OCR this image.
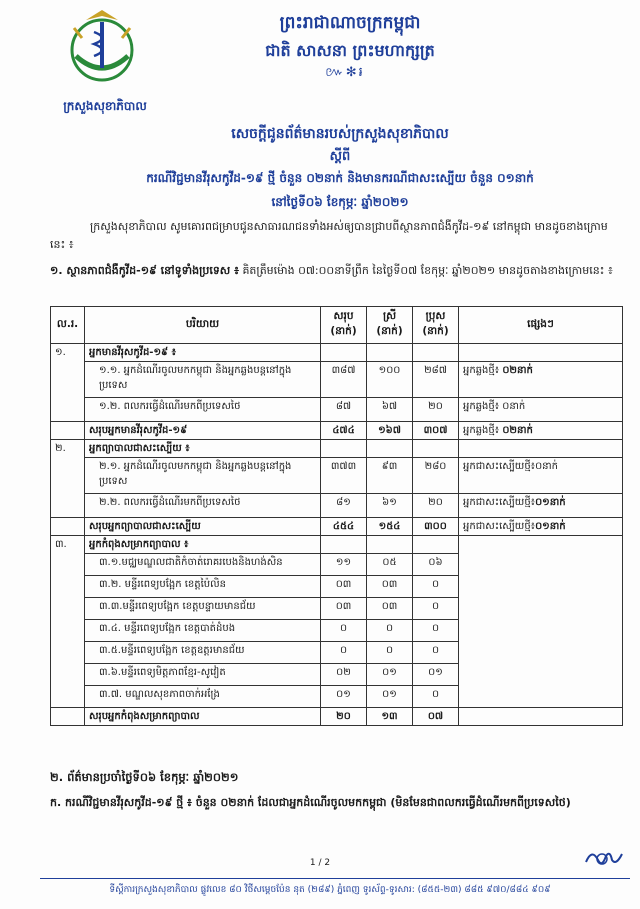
ក្រសួងសុខាភិបាល
ព្រះរាជាណាចក្រកម្ពុជា
ជាតិ សាសនា ព្រះមហាក្សត្រ
៚✻៛
សេចក្តីជូនព័ត៌មានរបស់ក្រសួងសុខាភិបាល
ស្តីពី
ករណីវិជ្ជមានវីរុសកូវីដ-១៩ ថ្មី ចំនួន ០២នាក់ និងមានករណីជាសះស្បើយ ចំនួន ០១នាក់
នៅថ្ងៃទី០៦ ខែកុម្ភៈ ឆ្នាំ២០២១
ក្រសួងសុខាភិបាល សូមគោរពជម្រាបជូនសាធារណជនទាំងអស់ឲ្យបានជ្រាបពីស្ថានភាពជំងឺកូវីដ-១៩ នៅកម្ពុជា មានដូចខាងក្រោមនេះ ៖
១. ស្ថានភាពជំងឺកូវីដ-១៩ នៅទូទាំងប្រទេស ៖ គិតត្រឹមម៉ោង ០៧:០០នាទីព្រឹក នៃថ្ងៃទី០៧ ខែកុម្ភៈ ឆ្នាំ២០២១ មានដូចតាងខាងក្រោមនេះ ៖
ល.រ.	បរិយាយ	សរុប (នាក់)	ស្រី (នាក់)	ប្រុស (នាក់)	ផ្សេងៗ
១.	អ្នកមានវីរុសកូវីដ-១៩ ៖				
	១.១. អ្នកដំណើរចូលមកកម្ពុជា និងអ្នកឆ្លងបន្តនៅក្នុងប្រទេស	៣៨៧	១០០	២៨៧	អ្នកឆ្លងថ្មី៖ ០២នាក់
	១.២. ពលករធ្វើដំណើរមកពីប្រទេសថៃ	៨៧	៦៧	២០	អ្នកឆ្លងថ្មី៖ ០នាក់
	សរុបអ្នកមានវីរុសកូវីដ-១៩	៤៧៤	១៦៧	៣០៧	អ្នកឆ្លងថ្មី៖ ០២នាក់
២.	អ្នកព្យាបាលជាសះស្បើយ ៖				
	២.១. អ្នកដំណើរចូលមកកម្ពុជា និងអ្នកឆ្លងបន្តនៅក្នុងប្រទេស	៣៧៣	៩៣	២៨០	អ្នកជាសះស្បើយថ្មី៖០នាក់
	២.២. ពលករធ្វើដំណើរមកពីប្រទេសថៃ	៨១	៦១	២០	អ្នកជាសះស្បើយថ្មី៖០១នាក់
	សរុបអ្នកព្យាបាលជាសះស្បើយ	៤៥៤	១៥៤	៣០០	អ្នកជាសះស្បើយថ្មី៖០១នាក់
៣.	អ្នកកំពុងសម្រាកព្យាបាល ៖				
	៣.១.មជ្ឈមណ្ឌលជាតិកំចាត់រោគរបេងនិងហង់សិន	១១	០៥	០៦	
	៣.២. មន្ទីរពេទ្យបង្អែក ខេត្តប៉ៃលិន	០៣	០៣	០	
	៣.៣.មន្ទីរពេទ្យបង្អែក ខេត្តបន្ទាយមានជ័យ	០៣	០៣	០	
	៣.៤. មន្ទីរពេទ្យបង្អែក ខេត្តបាត់ដំបង	០	០	០	
	៣.៥.មន្ទីរពេទ្យបង្អែក ខេត្តឧត្តរមានជ័យ	០	០	០	
	៣.៦.មន្ទីរពេទ្យមិត្តភាពខ្មែរ-សូវៀត	០២	០១	០១	
	៣.៧. មណ្ឌលសុខភាពចាក់អង្រែ	០១	០១	០	
	សរុបអ្នកកំពុងសម្រាកព្យាបាល	២០	១៣	០៧	
២. ព័ត៌មានប្រចាំថ្ងៃទី០៦ ខែកុម្ភៈ ឆ្នាំ២០២១
ក. ករណីវិជ្ជមានវីរុសកូវីដ-១៩ ថ្មី ៖ ចំនួន ០២នាក់ ដែលជាអ្នកដំណើរចូលមកកម្ពុជា (មិនមែនជាពលករធ្វើដំណើរមកពីប្រទេសថៃ)
1 / 2
ទីស្តីការក្រសួងសុខាភិបាល ផ្លូវលេខ ៨០ វិថីសម្តេចប៉ែន នុត (២៨៩) ភ្នំពេញ ទូរស័ព្ទ-ទូរសារ: (៨៥៥-២៣) ៨៨៥ ៩៧០/៨៨៤ ៩០៩
